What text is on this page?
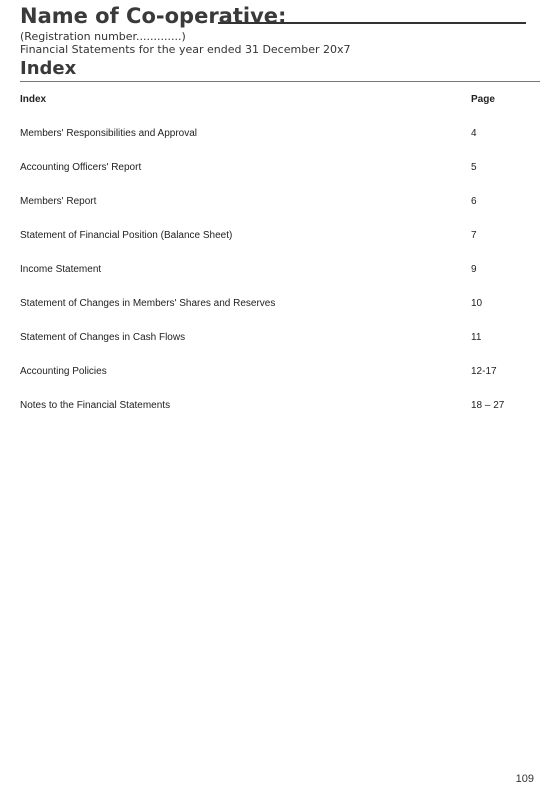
Name of Co-operative:
(Registration number.............)
Financial Statements for the year ended 31 December 20x7
Index
Index	Page
Members' Responsibilities and Approval	4
Accounting Officers' Report	5
Members' Report	6
Statement of Financial Position (Balance Sheet)	7
Income Statement	9
Statement of Changes in Members' Shares and Reserves	10
Statement of Changes in Cash Flows	11
Accounting Policies	12-17
Notes to the Financial Statements	18 – 27
109
